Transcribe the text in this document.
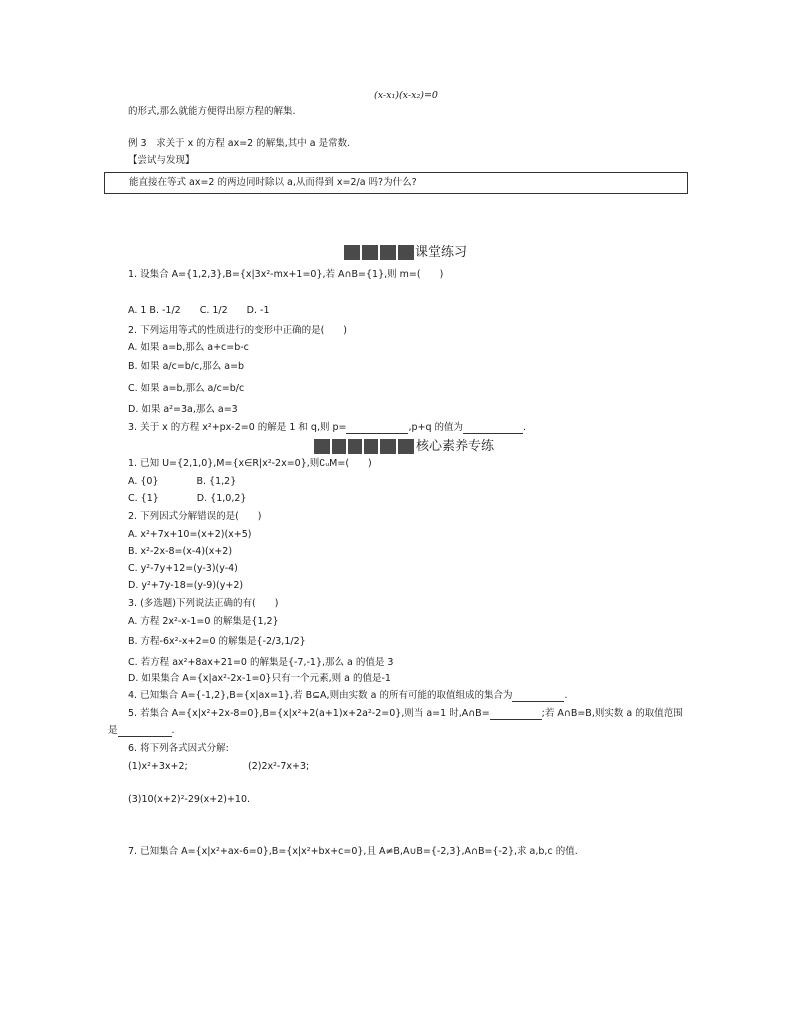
(x-x₁)(x-x₂)=0
的形式,那么就能方便得出原方程的解集.
例 3　求关于 x 的方程 ax=2 的解集,其中 a 是常数.
【尝试与发现】
能直接在等式 ax=2 的两边同时除以 a,从而得到 x=2/a 吗?为什么?
课堂练习
1. 设集合 A={1,2,3},B={x|3x²-mx+1=0},若 A∩B={1},则 m=(　　)
A. 1 B. -1/2　　C. 1/2　　D. -1
2. 下列运用等式的性质进行的变形中正确的是(　　)
A. 如果 a=b,那么 a+c=b-c
B. 如果 a/c=b/c,那么 a=b
C. 如果 a=b,那么 a/c=b/c
D. 如果 a²=3a,那么 a=3
3. 关于 x 的方程 x²+px-2=0 的解是 1 和 q,则 p=	,p+q 的值为	.
核心素养专练
1. 已知 U={2,1,0},M={x∈R|x²-2x=0},则∁ᵤM=(　　)
A. {0}　　　　B. {1,2}
C. {1}　　　　D. {1,0,2}
2. 下列因式分解错误的是(　　)
A. x²+7x+10=(x+2)(x+5)
B. x²-2x-8=(x-4)(x+2)
C. y²-7y+12=(y-3)(y-4)
D. y²+7y-18=(y-9)(y+2)
3. (多选题)下列说法正确的有(　　)
A. 方程 2x²-x-1=0 的解集是{1,2}
B. 方程-6x²-x+2=0 的解集是{-2/3,1/2}
C. 若方程 ax²+8ax+21=0 的解集是{-7,-1},那么 a 的值是 3
D. 如果集合 A={x|ax²-2x-1=0}只有一个元素,则 a 的值是-1
4. 已知集合 A={-1,2},B={x|ax=1},若 B⊆A,则由实数 a 的所有可能的取值组成的集合为	.
5. 若集合 A={x|x²+2x-8=0},B={x|x²+2(a+1)x+2a²-2=0},则当 a=1 时,A∩B=	;若 A∩B=B,则实数 a 的取值范围
是	.
6. 将下列各式因式分解:
(1)x²+3x+2;	(2)2x²-7x+3;
(3)10(x+2)²-29(x+2)+10.
7. 已知集合 A={x|x²+ax-6=0},B={x|x²+bx+c=0},且 A≠B,A∪B={-2,3},A∩B={-2},求 a,b,c 的值.
